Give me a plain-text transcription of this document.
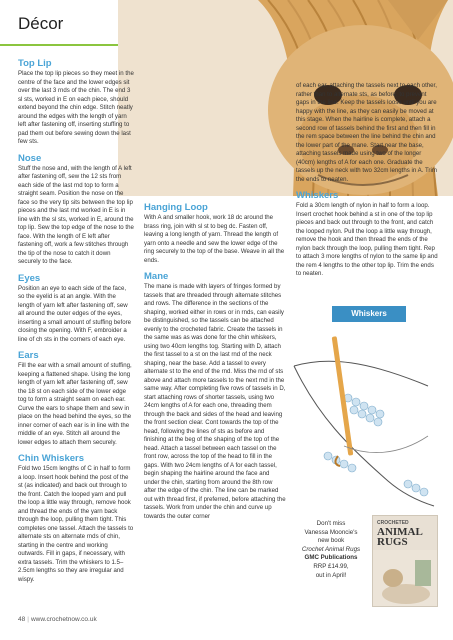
Décor
Top Lip

Place the top lip pieces so they meet in the centre of the face and the lower edges sit over the last 3 rnds of the chin. The end 3 sl sts, worked in E on each piece, should extend beyond the chin edge. Stitch neatly around the edges with the length of yarn left after fastening off, inserting stuffing to pad them out before sewing down the last few sts.

Nose

Stuff the nose and, with the length of A left after fastening off, sew the 12 sts from each side of the last rnd top to form a straight seam. Position the nose on the face so the very tip sits between the top lip pieces and the last rnd worked in E is in line with the sl sts, worked in E, around the top lip. Sew the top edge of the nose to the face. With the length of E left after fastening off, work a few stitches through the tip of the nose to catch it down securely to the face.

Eyes

Position an eye to each side of the face, so the eyelid is at an angle. With the length of yarn left after fastening off, sew all around the outer edges of the eyes, inserting a small amount of stuffing before closing the opening. With F, embroider a line of ch sts in the corners of each eye.

Ears

Fill the ear with a small amount of stuffing, keeping a flattened shape. Using the long length of yarn left after fastening off, sew the 18 st on each side of the lower edge tog to form a straight seam on each ear. Curve the ears to shape them and sew in place on the head behind the eyes, so the inner corner of each ear is in line with the middle of an eye. Stitch all around the lower edges to attach them securely.

Chin Whiskers

Fold two 15cm lengths of C in half to form a loop. Insert hook behind the post of the st (as indicated) and back out through to the front. Catch the looped yarn and pull the loop a little way through, remove hook and thread the ends of the yarn back through the loop, pulling them tight. This completes one tassel. Attach the tassels to alternate sts on alternate rnds of chin, starting in the centre and working outwards. Fill in gaps, if necessary, with extra tassels. Trim the whiskers to 1.5–2.5cm lengths so they are irregular and wispy.

Hanging Loop

With A and smaller hook, work 18 dc around the brass ring, join with sl st to beg dc. Fasten off, leaving a long length of yarn. Thread the length of yarn onto a needle and sew the lower edge of the ring securely to the top of the base. Weave in all the ends.

Mane

The mane is made with layers of fringes formed by tassels that are threaded through alternate stitches and rows. The difference in the sections of the shaping, worked either in rows or in rnds, can easily be distinguished, so the tassels can be attached evenly to the crocheted fabric. Create the tassels in the same was as was done for the chin whiskers, using two 40cm lengths tog. Starting with D, attach the first tassel to a st on the last rnd of the neck shaping, near the base. Add a tassel to every alternate st to the end of the rnd. Miss the rnd of sts above and attach more tassels to the next rnd in the same way. After completing five rows of tassels in D, start attaching rows of shorter tassels, using two 24cm lengths of A for each one, threading them through the back and sides of the head and leaving the front section clear. Cont towards the top of the head, following the lines of sts as before and finishing at the beg of the shaping of the top of the head. Attach a tassel between each tassel on the front row, across the top of the head to fill in the gaps. With two 24cm lengths of A for each tassel, begin shaping the hairline around the face and under the chin, starting from around the 8th row after the edge of the chin. The line can be marked out with thread first, if preferred, before attaching the tassels. Work from under the chin and curve up towards the outer corner

of each ear, attaching the tassels next to each other, rather than to alternate sts, as before, to prevent gaps in the line. Keep the tassels loose until you are happy with the line, as they can easily be moved at this stage. When the hairline is complete, attach a second row of tassels behind the first and then fill in the rem space between the line behind the chin and the lower part of the mane. Start near the base, attaching tassels made using two of the longer (40cm) lengths of A for each one. Graduate the tassels up the neck with two 32cm lengths in A. Trim the ends to neaten.

Whiskers

Fold a 30cm length of nylon in half to form a loop. Insert crochet hook behind a st in one of the top lip pieces and back out through to the front, and catch the looped nylon. Pull the loop a little way through, remove the hook and then thread the ends of the nylon back through the loop, pulling them tight. Rep to attach 3 more lengths of nylon to the same lip and the rem 4 lengths to the other top lip. Trim the ends to neaten.

Whiskers
Don't miss
Vanessa Mooncie's
new book
Crochet Animal Rugs
GMC Publications
RRP £14.99,
out in April!
CROCHETED
ANIMAL RUGS
48 | www.crochetnow.co.uk
